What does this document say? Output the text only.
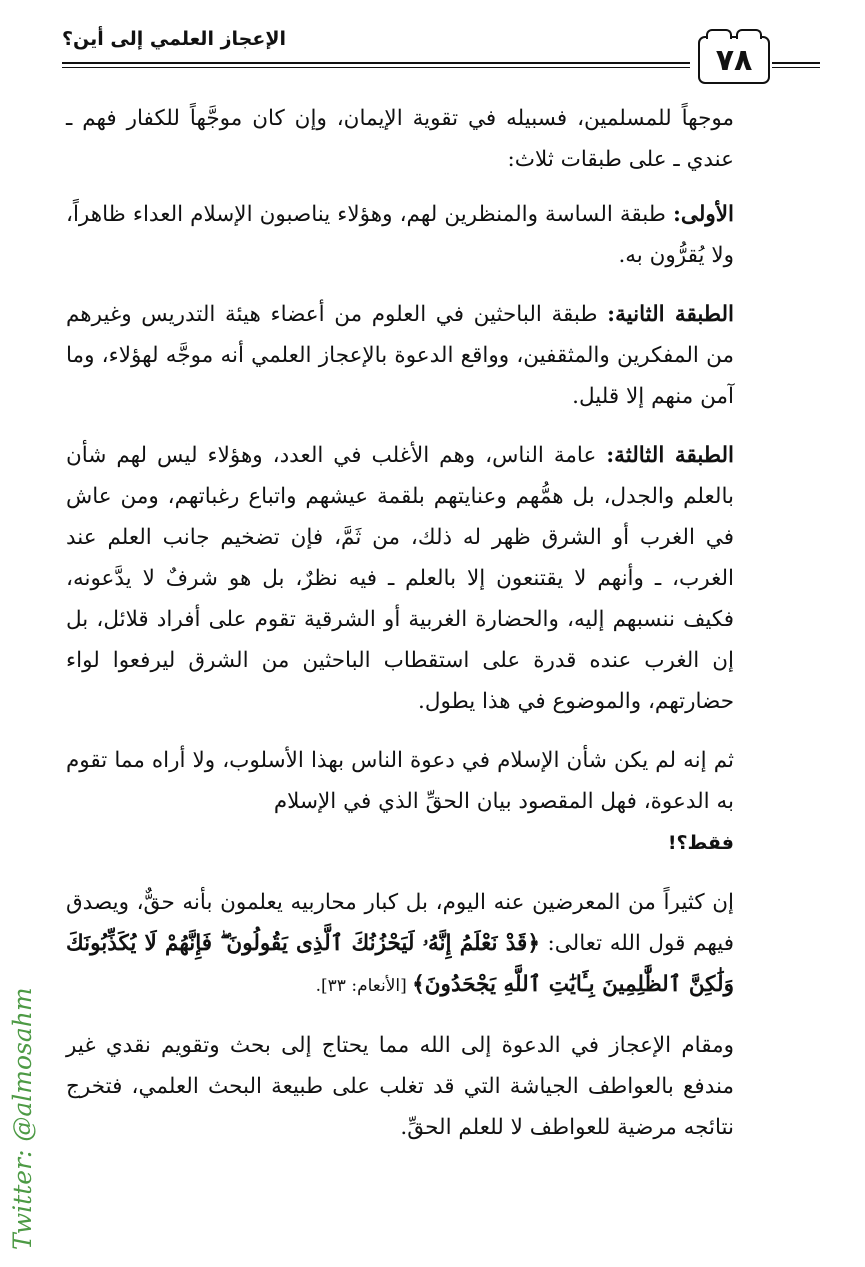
الإعجاز العلمي إلى أين؟
٧٨

موجهاً للمسلمين، فسبيله في تقوية الإيمان، وإن كان موجَّهاً للكفار فهم ـ عندي ـ على طبقات ثلاث:

الأولى: طبقة الساسة والمنظرين لهم، وهؤلاء يناصبون الإسلام العداء ظاهراً، ولا يُقرُّون به.

الطبقة الثانية: طبقة الباحثين في العلوم من أعضاء هيئة التدريس وغيرهم من المفكرين والمثقفين، وواقع الدعوة بالإعجاز العلمي أنه موجَّه لهؤلاء، وما آمن منهم إلا قليل.

الطبقة الثالثة: عامة الناس، وهم الأغلب في العدد، وهؤلاء ليس لهم شأن بالعلم والجدل، بل همُّهم وعنايتهم بلقمة عيشهم واتباع رغباتهم، ومن عاش في الغرب أو الشرق ظهر له ذلك، من ثَمَّ، فإن تضخيم جانب العلم عند الغرب، ـ وأنهم لا يقتنعون إلا بالعلم ـ فيه نظرٌ، بل هو شرفٌ لا يدَّعونه، فكيف ننسبهم إليه، والحضارة الغربية أو الشرقية تقوم على أفراد قلائل، بل إن الغرب عنده قدرة على استقطاب الباحثين من الشرق ليرفعوا لواء حضارتهم، والموضوع في هذا يطول.

ثم إنه لم يكن شأن الإسلام في دعوة الناس بهذا الأسلوب، ولا أراه مما تقوم به الدعوة، فهل المقصود بيان الحقِّ الذي في الإسلام
فقط؟!

إن كثيراً من المعرضين عنه اليوم، بل كبار محاربيه يعلمون بأنه حقٌّ، ويصدق فيهم قول الله تعالى: ﴿قَدْ نَعْلَمُ إِنَّهُۥ لَيَحْزُنُكَ ٱلَّذِى يَقُولُونَ ۖ فَإِنَّهُمْ لَا يُكَذِّبُونَكَ وَلَٰكِنَّ ٱلظَّٰلِمِينَ بِـَٔايَٰتِ ٱللَّهِ يَجْحَدُونَ﴾ [الأنعام: ٣٣].

ومقام الإعجاز في الدعوة إلى الله مما يحتاج إلى بحث وتقويم نقدي غير مندفع بالعواطف الجياشة التي قد تغلب على طبيعة البحث العلمي، فتخرج نتائجه مرضية للعواطف لا للعلم الحقِّ.

Twitter: @almosahm
